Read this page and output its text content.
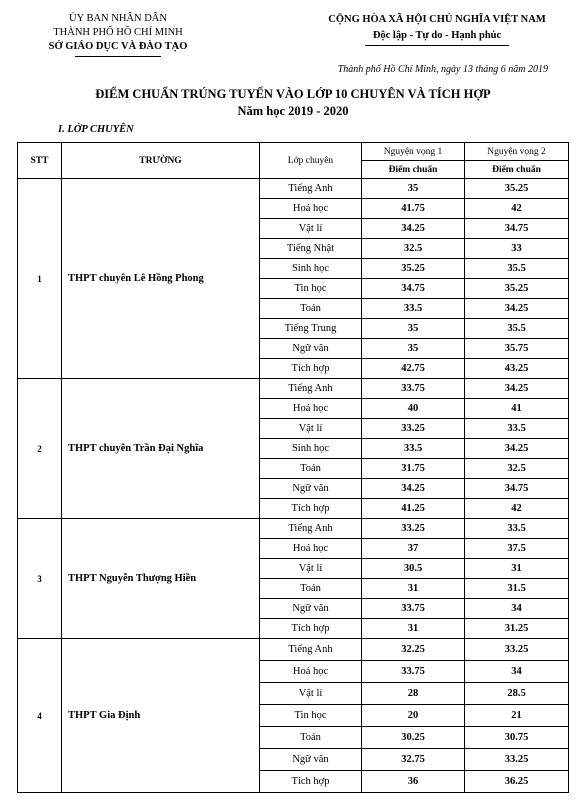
ỦY BAN NHÂN DÂN
THÀNH PHỐ HỒ CHÍ MINH
SỞ GIÁO DỤC VÀ ĐÀO TẠO
CỘNG HÒA XÃ HỘI CHỦ NGHĨA VIỆT NAM
Độc lập - Tự do - Hạnh phúc
Thành phố Hồ Chí Minh, ngày 13 tháng 6 năm 2019
ĐIỂM CHUẨN TRÚNG TUYỂN VÀO LỚP 10 CHUYÊN VÀ TÍCH HỢP
Năm học 2019 - 2020
I. LỚP CHUYÊN
STT	TRƯỜNG	Lớp chuyên	Nguyện vọng 1	Nguyện vọng 2
			Điểm chuẩn	Điểm chuẩn
1	THPT chuyên Lê Hồng Phong	Tiếng Anh	35	35.25
		Hoá học	41.75	42
		Vật lí	34.25	34.75
		Tiếng Nhật	32.5	33
		Sinh học	35.25	35.5
		Tin học	34.75	35.25
		Toán	33.5	34.25
		Tiếng Trung	35	35.5
		Ngữ văn	35	35.75
		Tích hợp	42.75	43.25
2	THPT chuyên Trần Đại Nghĩa	Tiếng Anh	33.75	34.25
		Hoá học	40	41
		Vật lí	33.25	33.5
		Sinh học	33.5	34.25
		Toán	31.75	32.5
		Ngữ văn	34.25	34.75
		Tích hợp	41.25	42
3	THPT Nguyễn Thượng Hiền	Tiếng Anh	33.25	33.5
		Hoá học	37	37.5
		Vật lí	30.5	31
		Toán	31	31.5
		Ngữ văn	33.75	34
		Tích hợp	31	31.25
4	THPT Gia Định	Tiếng Anh	32.25	33.25
		Hoá học	33.75	34
		Vật lí	28	28.5
		Tin học	20	21
		Toán	30.25	30.75
		Ngữ văn	32.75	33.25
		Tích hợp	36	36.25
